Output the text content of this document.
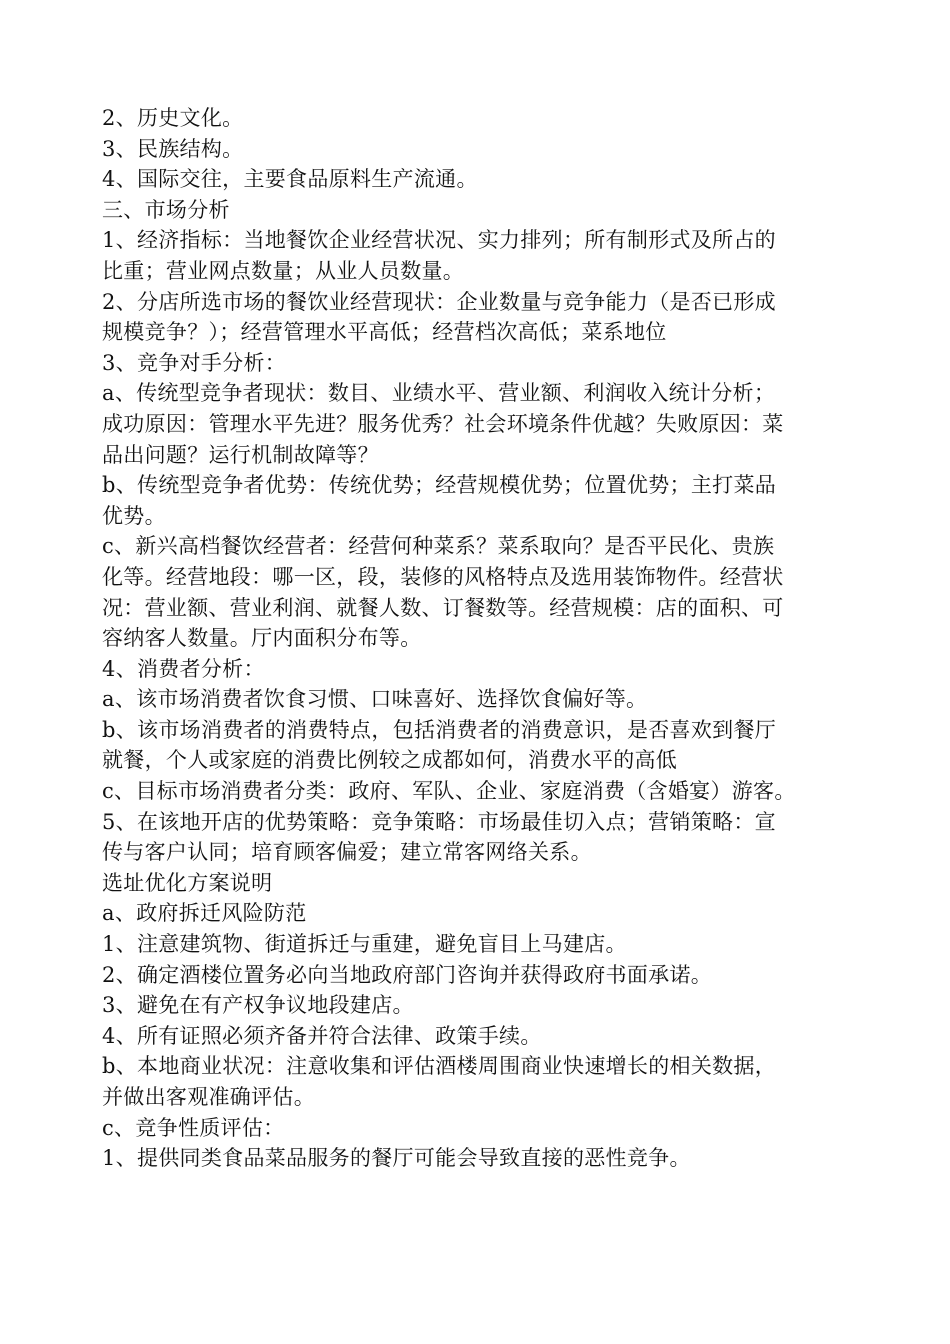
2、历史文化。
3、民族结构。
4、国际交往，主要食品原料生产流通。
三、市场分析
1、经济指标：当地餐饮企业经营状况、实力排列；所有制形式及所占的
比重；营业网点数量；从业人员数量。
2、分店所选市场的餐饮业经营现状：企业数量与竞争能力（是否已形成
规模竞争？）；经营管理水平高低；经营档次高低；菜系地位
3、竞争对手分析：
a、传统型竞争者现状：数目、业绩水平、营业额、利润收入统计分析；
成功原因：管理水平先进？服务优秀？社会环境条件优越？失败原因：菜
品出问题？运行机制故障等？
b、传统型竞争者优势：传统优势；经营规模优势；位置优势；主打菜品
优势。
c、新兴高档餐饮经营者：经营何种菜系？菜系取向？是否平民化、贵族
化等。经营地段：哪一区，段，装修的风格特点及选用装饰物件。经营状
况：营业额、营业利润、就餐人数、订餐数等。经营规模：店的面积、可
容纳客人数量。厅内面积分布等。
4、消费者分析：
a、该市场消费者饮食习惯、口味喜好、选择饮食偏好等。
b、该市场消费者的消费特点，包括消费者的消费意识，是否喜欢到餐厅
就餐，个人或家庭的消费比例较之成都如何，消费水平的高低
c、目标市场消费者分类：政府、军队、企业、家庭消费（含婚宴）游客。
5、在该地开店的优势策略：竞争策略：市场最佳切入点；营销策略：宣
传与客户认同；培育顾客偏爱；建立常客网络关系。
选址优化方案说明
a、政府拆迁风险防范
1、注意建筑物、街道拆迁与重建，避免盲目上马建店。
2、确定酒楼位置务必向当地政府部门咨询并获得政府书面承诺。
3、避免在有产权争议地段建店。
4、所有证照必须齐备并符合法律、政策手续。
b、本地商业状况：注意收集和评估酒楼周围商业快速增长的相关数据，
并做出客观准确评估。
c、竞争性质评估：
1、提供同类食品菜品服务的餐厅可能会导致直接的恶性竞争。
